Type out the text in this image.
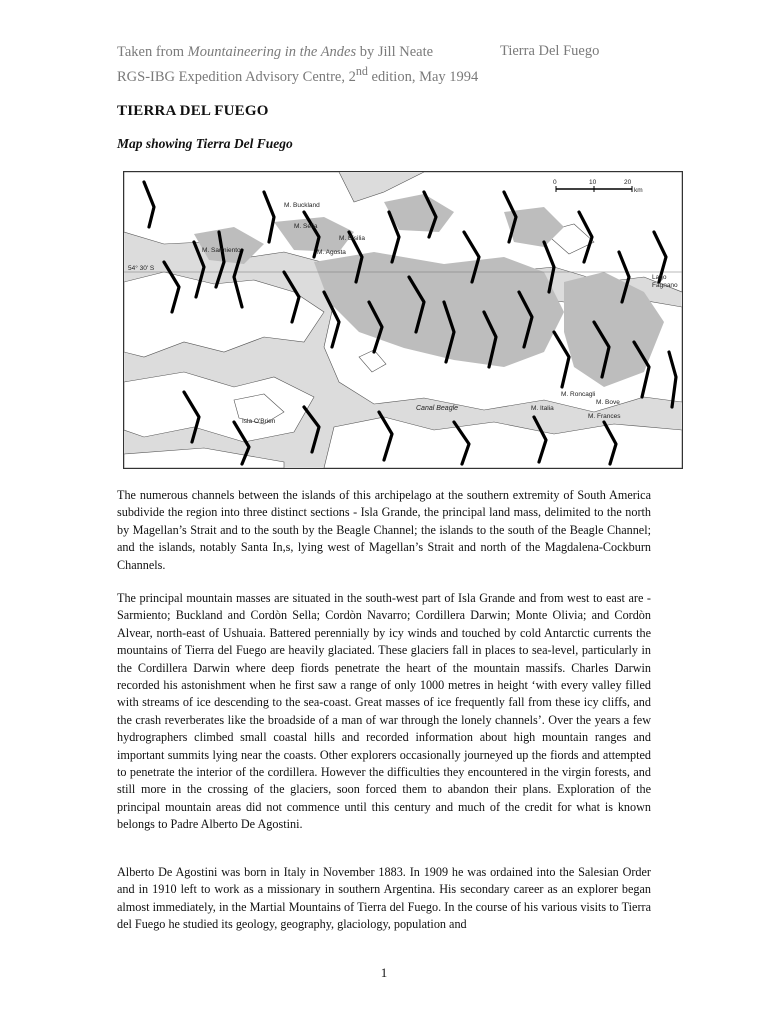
Taken from Mountaineering in the Andes by Jill Neate	Tierra Del Fuego
RGS-IBG Expedition Advisory Centre, 2nd edition, May 1994
TIERRA DEL FUEGO
Map showing Tierra Del Fuego
0	10	20
km
54° 30' S
Lago
Fagnano
M. Buckland
M. Sella
M. Bisilia
M. Sarmiento	M. Agosta
M. Roncagli
M. Bove
M. Italia
M. Frances
Canal Beagle
Isla O'Brien

The numerous channels between the islands of this archipelago at the southern extremity of South America subdivide the region into three distinct sections - Isla Grande, the principal land mass, delimited to the north by Magellan’s Strait and to the south by the Beagle Channel; the islands to the south of the Beagle Channel; and the islands, notably Santa In,s, lying west of Magellan’s Strait and north of the Magdalena-Cockburn Channels.

The principal mountain masses are situated in the south-west part of Isla Grande and from west to east are - Sarmiento; Buckland and Cordòn Sella; Cordòn Navarro; Cordillera Darwin; Monte Olivia; and Cordòn Alvear, north-east of Ushuaia. Battered perennially by icy winds and touched by cold Antarctic currents the mountains of Tierra del Fuego are heavily glaciated. These glaciers fall in places to sea-level, particularly in the Cordillera Darwin where deep fiords penetrate the heart of the mountain massifs. Charles Darwin recorded his astonishment when he first saw a range of only 1000 metres in height ‘with every valley filled with streams of ice descending to the sea-coast. Great masses of ice frequently fall from these icy cliffs, and the crash reverberates like the broadside of a man of war through the lonely channels’. Over the years a few hydrographers climbed small coastal hills and recorded information about high mountain ranges and important summits lying near the coasts. Other explorers occasionally journeyed up the fiords and attempted to penetrate the interior of the cordillera. However the difficulties they encountered in the virgin forests, and still more in the crossing of the glaciers, soon forced them to abandon their plans. Exploration of the principal mountain areas did not commence until this century and much of the credit for what is known belongs to Padre Alberto De Agostini.

Alberto De Agostini was born in Italy in November 1883. In 1909 he was ordained into the Salesian Order and in 1910 left to work as a missionary in southern Argentina. His secondary career as an explorer began almost immediately, in the Martial Mountains of Tierra del Fuego. In the course of his various visits to Tierra del Fuego he studied its geology, geography, glaciology, population and

1
